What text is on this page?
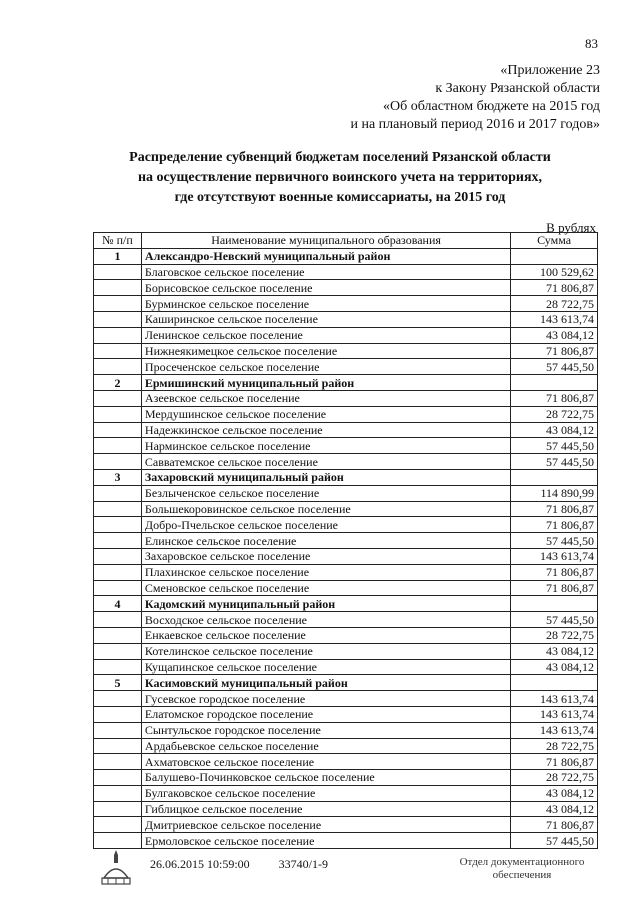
83
«Приложение 23
к Закону Рязанской области
«Об областном бюджете на 2015 год
и на плановый период 2016 и 2017 годов»
Распределение субвенций бюджетам поселений Рязанской области
на осуществление первичного воинского учета на территориях,
где отсутствуют военные комиссариаты, на 2015 год
В рублях
№ п/п	Наименование муниципального образования	Сумма
1	Александро-Невский муниципальный район	
	Благовское сельское поселение	100 529,62
	Борисовское сельское поселение	71 806,87
	Бурминское сельское поселение	28 722,75
	Каширинское сельское поселение	143 613,74
	Ленинское сельское поселение	43 084,12
	Нижнеякимецкое сельское поселение	71 806,87
	Просеченское сельское поселение	57 445,50
2	Ермишинский муниципальный район	
	Азеевское сельское поселение	71 806,87
	Мердушинское сельское поселение	28 722,75
	Надежкинское сельское поселение	43 084,12
	Нарминское сельское поселение	57 445,50
	Савватемское сельское поселение	57 445,50
3	Захаровский муниципальный район	
	Безлыченское сельское поселение	114 890,99
	Большекоровинское сельское поселение	71 806,87
	Добро-Пчельское сельское поселение	71 806,87
	Елинское сельское поселение	57 445,50
	Захаровское сельское поселение	143 613,74
	Плахинское сельское поселение	71 806,87
	Сменовское сельское поселение	71 806,87
4	Кадомский муниципальный район	
	Восходское сельское поселение	57 445,50
	Енкаевское сельское поселение	28 722,75
	Котелинское сельское поселение	43 084,12
	Кущапинское сельское поселение	43 084,12
5	Касимовский муниципальный район	
	Гусевское городское поселение	143 613,74
	Елатомское городское поселение	143 613,74
	Сынтульское городское поселение	143 613,74
	Ардабьевское сельское поселение	28 722,75
	Ахматовское сельское поселение	71 806,87
	Балушево-Починковское сельское поселение	28 722,75
	Булгаковское сельское поселение	43 084,12
	Гиблицкое сельское поселение	43 084,12
	Дмитриевское сельское поселение	71 806,87
	Ермоловское сельское поселение	57 445,50
26.06.2015 10:59:00 33740/1-9	Отдел документационного
обеспечения
